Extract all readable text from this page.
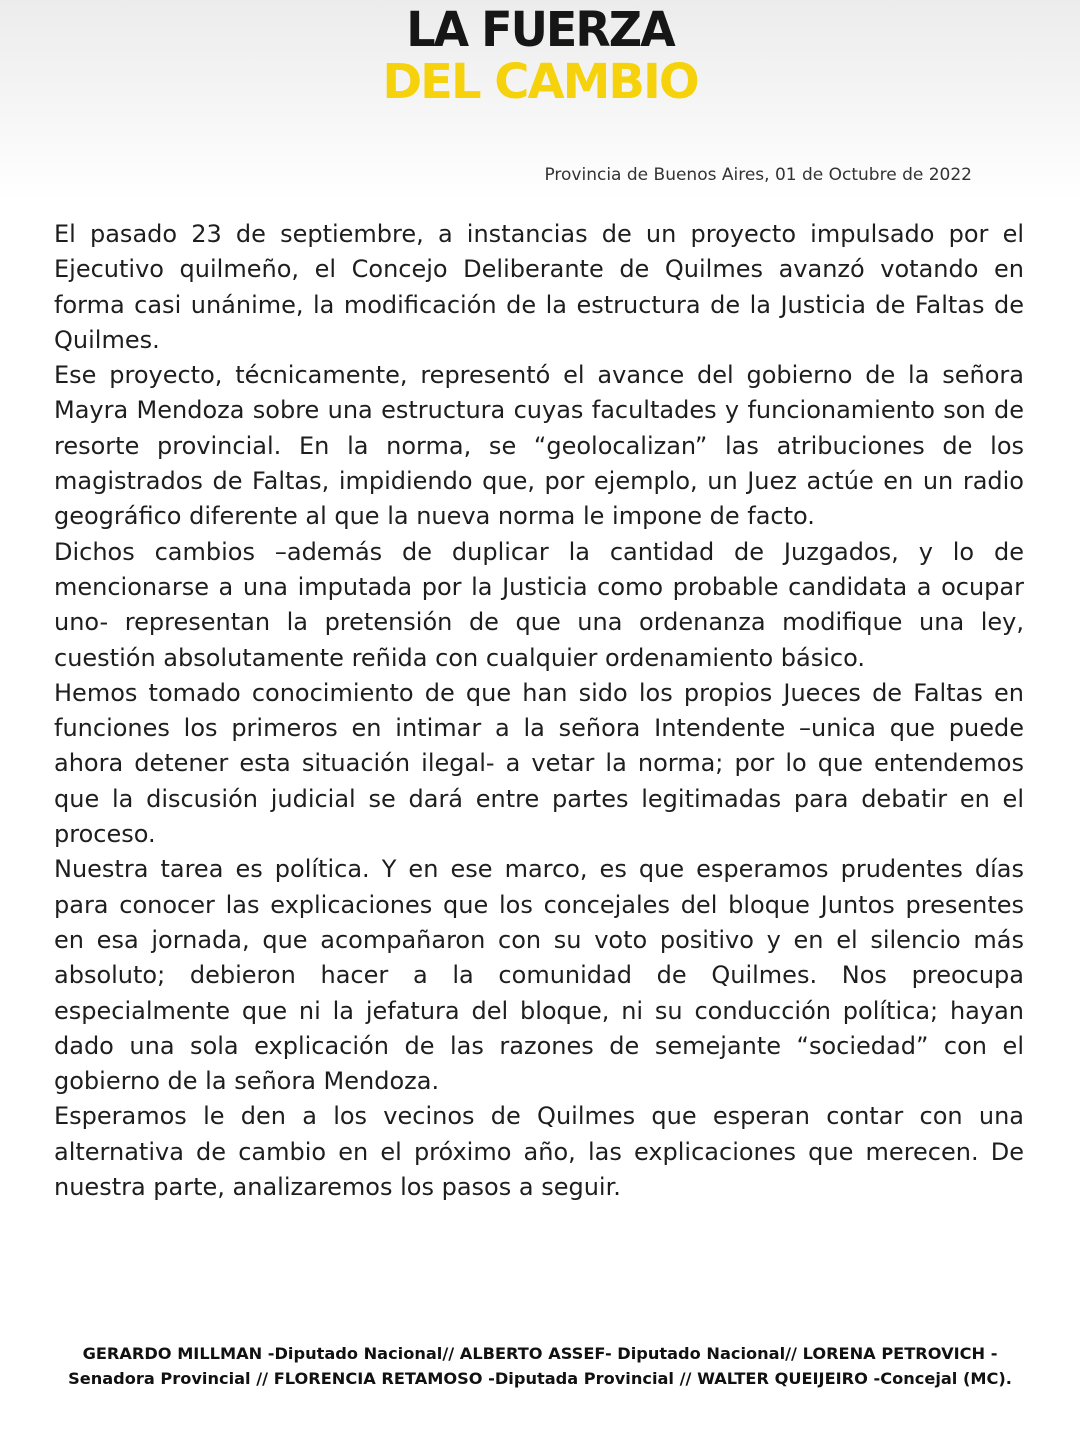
LA FUERZA
DEL CAMBIO
Provincia de Buenos Aires, 01 de Octubre de 2022

El pasado 23 de septiembre, a instancias de un proyecto impulsado por el Ejecutivo quilmeño, el Concejo Deliberante de Quilmes avanzó votando en forma casi unánime, la modificación de la estructura de la Justicia de Faltas de Quilmes.

Ese proyecto, técnicamente, representó el avance del gobierno de la señora Mayra Mendoza sobre una estructura cuyas facultades y funcionamiento son de resorte provincial. En la norma, se “geolocalizan” las atribuciones de los magistrados de Faltas, impidiendo que, por ejemplo, un Juez actúe en un radio geográfico diferente al que la nueva norma le impone de facto.

Dichos cambios –además de duplicar la cantidad de Juzgados, y lo de mencionarse a una imputada por la Justicia como probable candidata a ocupar uno- representan la pretensión de que una ordenanza modifique una ley, cuestión absolutamente reñida con cualquier ordenamiento básico.

Hemos tomado conocimiento de que han sido los propios Jueces de Faltas en funciones los primeros en intimar a la señora Intendente –unica que puede ahora detener esta situación ilegal- a vetar la norma; por lo que entendemos que la discusión judicial se dará entre partes legitimadas para debatir en el proceso.

Nuestra tarea es política. Y en ese marco, es que esperamos prudentes días para conocer las explicaciones que los concejales del bloque Juntos presentes en esa jornada, que acompañaron con su voto positivo y en el silencio más absoluto; debieron hacer a la comunidad de Quilmes. Nos preocupa especialmente que ni la jefatura del bloque, ni su conducción política; hayan dado una sola explicación de las razones de semejante “sociedad” con el gobierno de la señora Mendoza.

Esperamos le den a los vecinos de Quilmes que esperan contar con una alternativa de cambio en el próximo año, las explicaciones que merecen. De nuestra parte, analizaremos los pasos a seguir.

GERARDO MILLMAN -Diputado Nacional// ALBERTO ASSEF- Diputado Nacional// LORENA PETROVICH -

Senadora Provincial // FLORENCIA RETAMOSO -Diputada Provincial // WALTER QUEIJEIRO -Concejal (MC).
